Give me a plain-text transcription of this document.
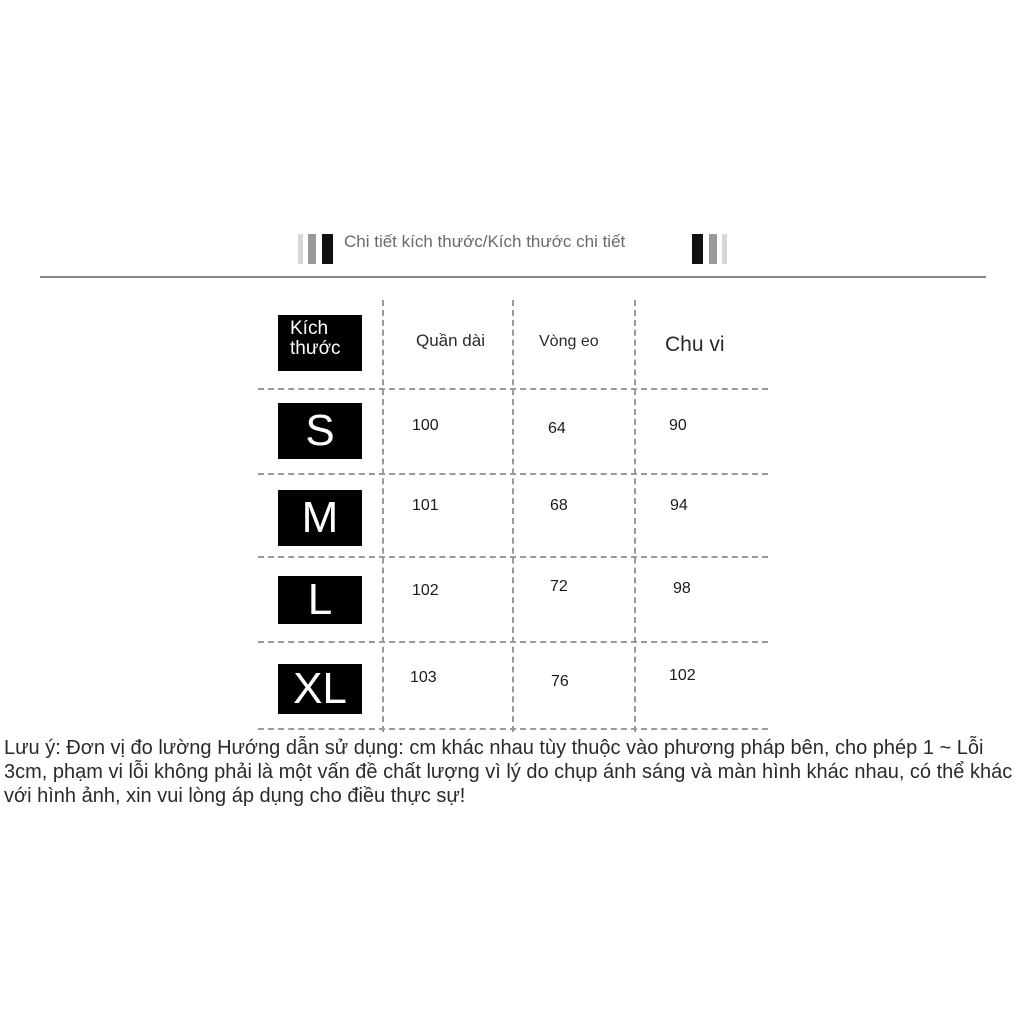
Chi tiết kích thước/Kích thước chi tiết
Kích thước	Quần dài	Vòng eo	Chu vi
S	100	64	90
M	101	68	94
L	102	72	98
XL	103	76	102
Lưu ý: Đơn vị đo lường Hướng dẫn sử dụng: cm khác nhau tùy thuộc vào phương pháp bên, cho phép 1 ~ Lỗi 3cm, phạm vi lỗi không phải là một vấn đề chất lượng vì lý do chụp ánh sáng và màn hình khác nhau, có thể khác với hình ảnh, xin vui lòng áp dụng cho điều thực sự!
